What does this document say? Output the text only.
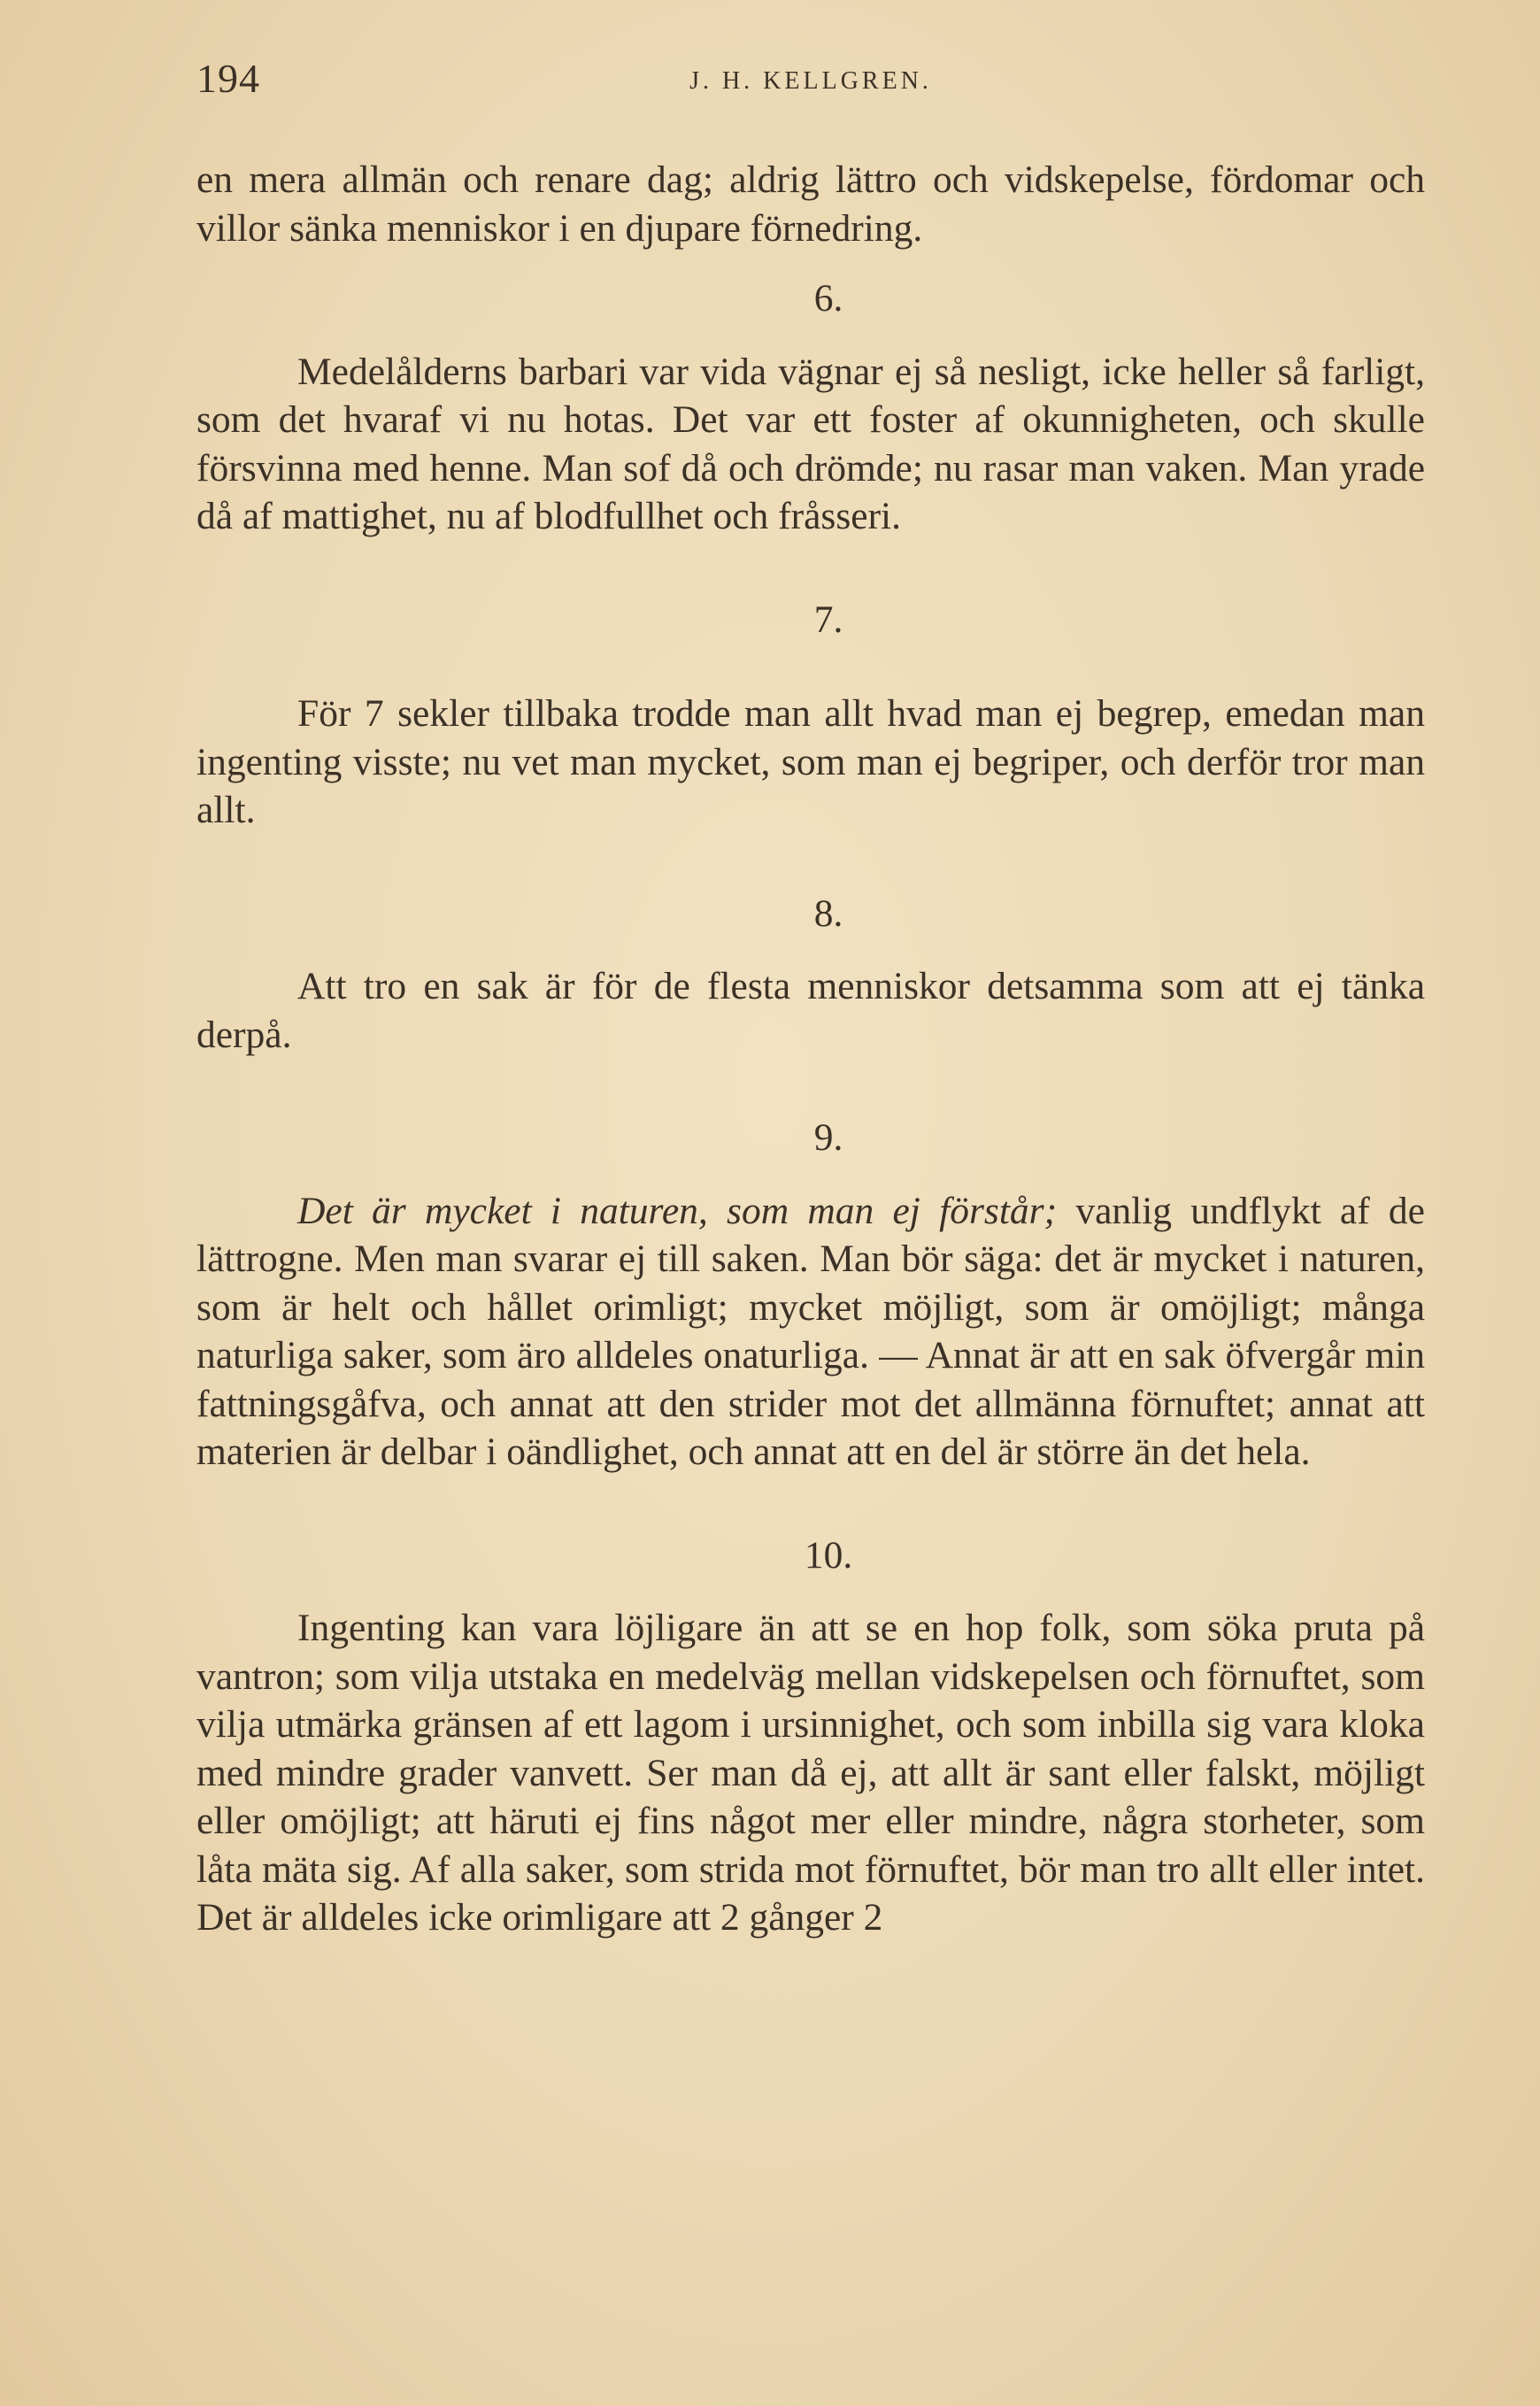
194	J. H. KELLGREN.

en mera allmän och renare dag; aldrig lättro och vidskepelse, fördomar och villor sänka menniskor i en djupare förnedring.

6.

Medelålderns barbari var vida vägnar ej så nesligt, icke heller så farligt, som det hvaraf vi nu hotas. Det var ett foster af okunnigheten, och skulle försvinna med henne. Man sof då och drömde; nu rasar man vaken. Man yrade då af mattighet, nu af blodfullhet och fråsseri.

7.

För 7 sekler tillbaka trodde man allt hvad man ej begrep, emedan man ingenting visste; nu vet man mycket, som man ej begriper, och derför tror man allt.

8.

Att tro en sak är för de flesta menniskor detsamma som att ej tänka derpå.

9.

Det är mycket i naturen, som man ej förstår; vanlig undflykt af de lättrogne. Men man svarar ej till saken. Man bör säga: det är mycket i naturen, som är helt och hållet orimligt; mycket möjligt, som är omöjligt; många naturliga saker, som äro alldeles onaturliga. — Annat är att en sak öfvergår min fattningsgåfva, och annat att den strider mot det allmänna förnuftet; annat att materien är delbar i oändlighet, och annat att en del är större än det hela.

10.

Ingenting kan vara löjligare än att se en hop folk, som söka pruta på vantron; som vilja utstaka en medelväg mellan vidskepelsen och förnuftet, som vilja utmärka gränsen af ett lagom i ursinnighet, och som inbilla sig vara kloka med mindre grader vanvett. Ser man då ej, att allt är sant eller falskt, möjligt eller omöjligt; att häruti ej fins något mer eller mindre, några storheter, som låta mäta sig. Af alla saker, som strida mot förnuftet, bör man tro allt eller intet. Det är alldeles icke orimligare att 2 gånger 2
